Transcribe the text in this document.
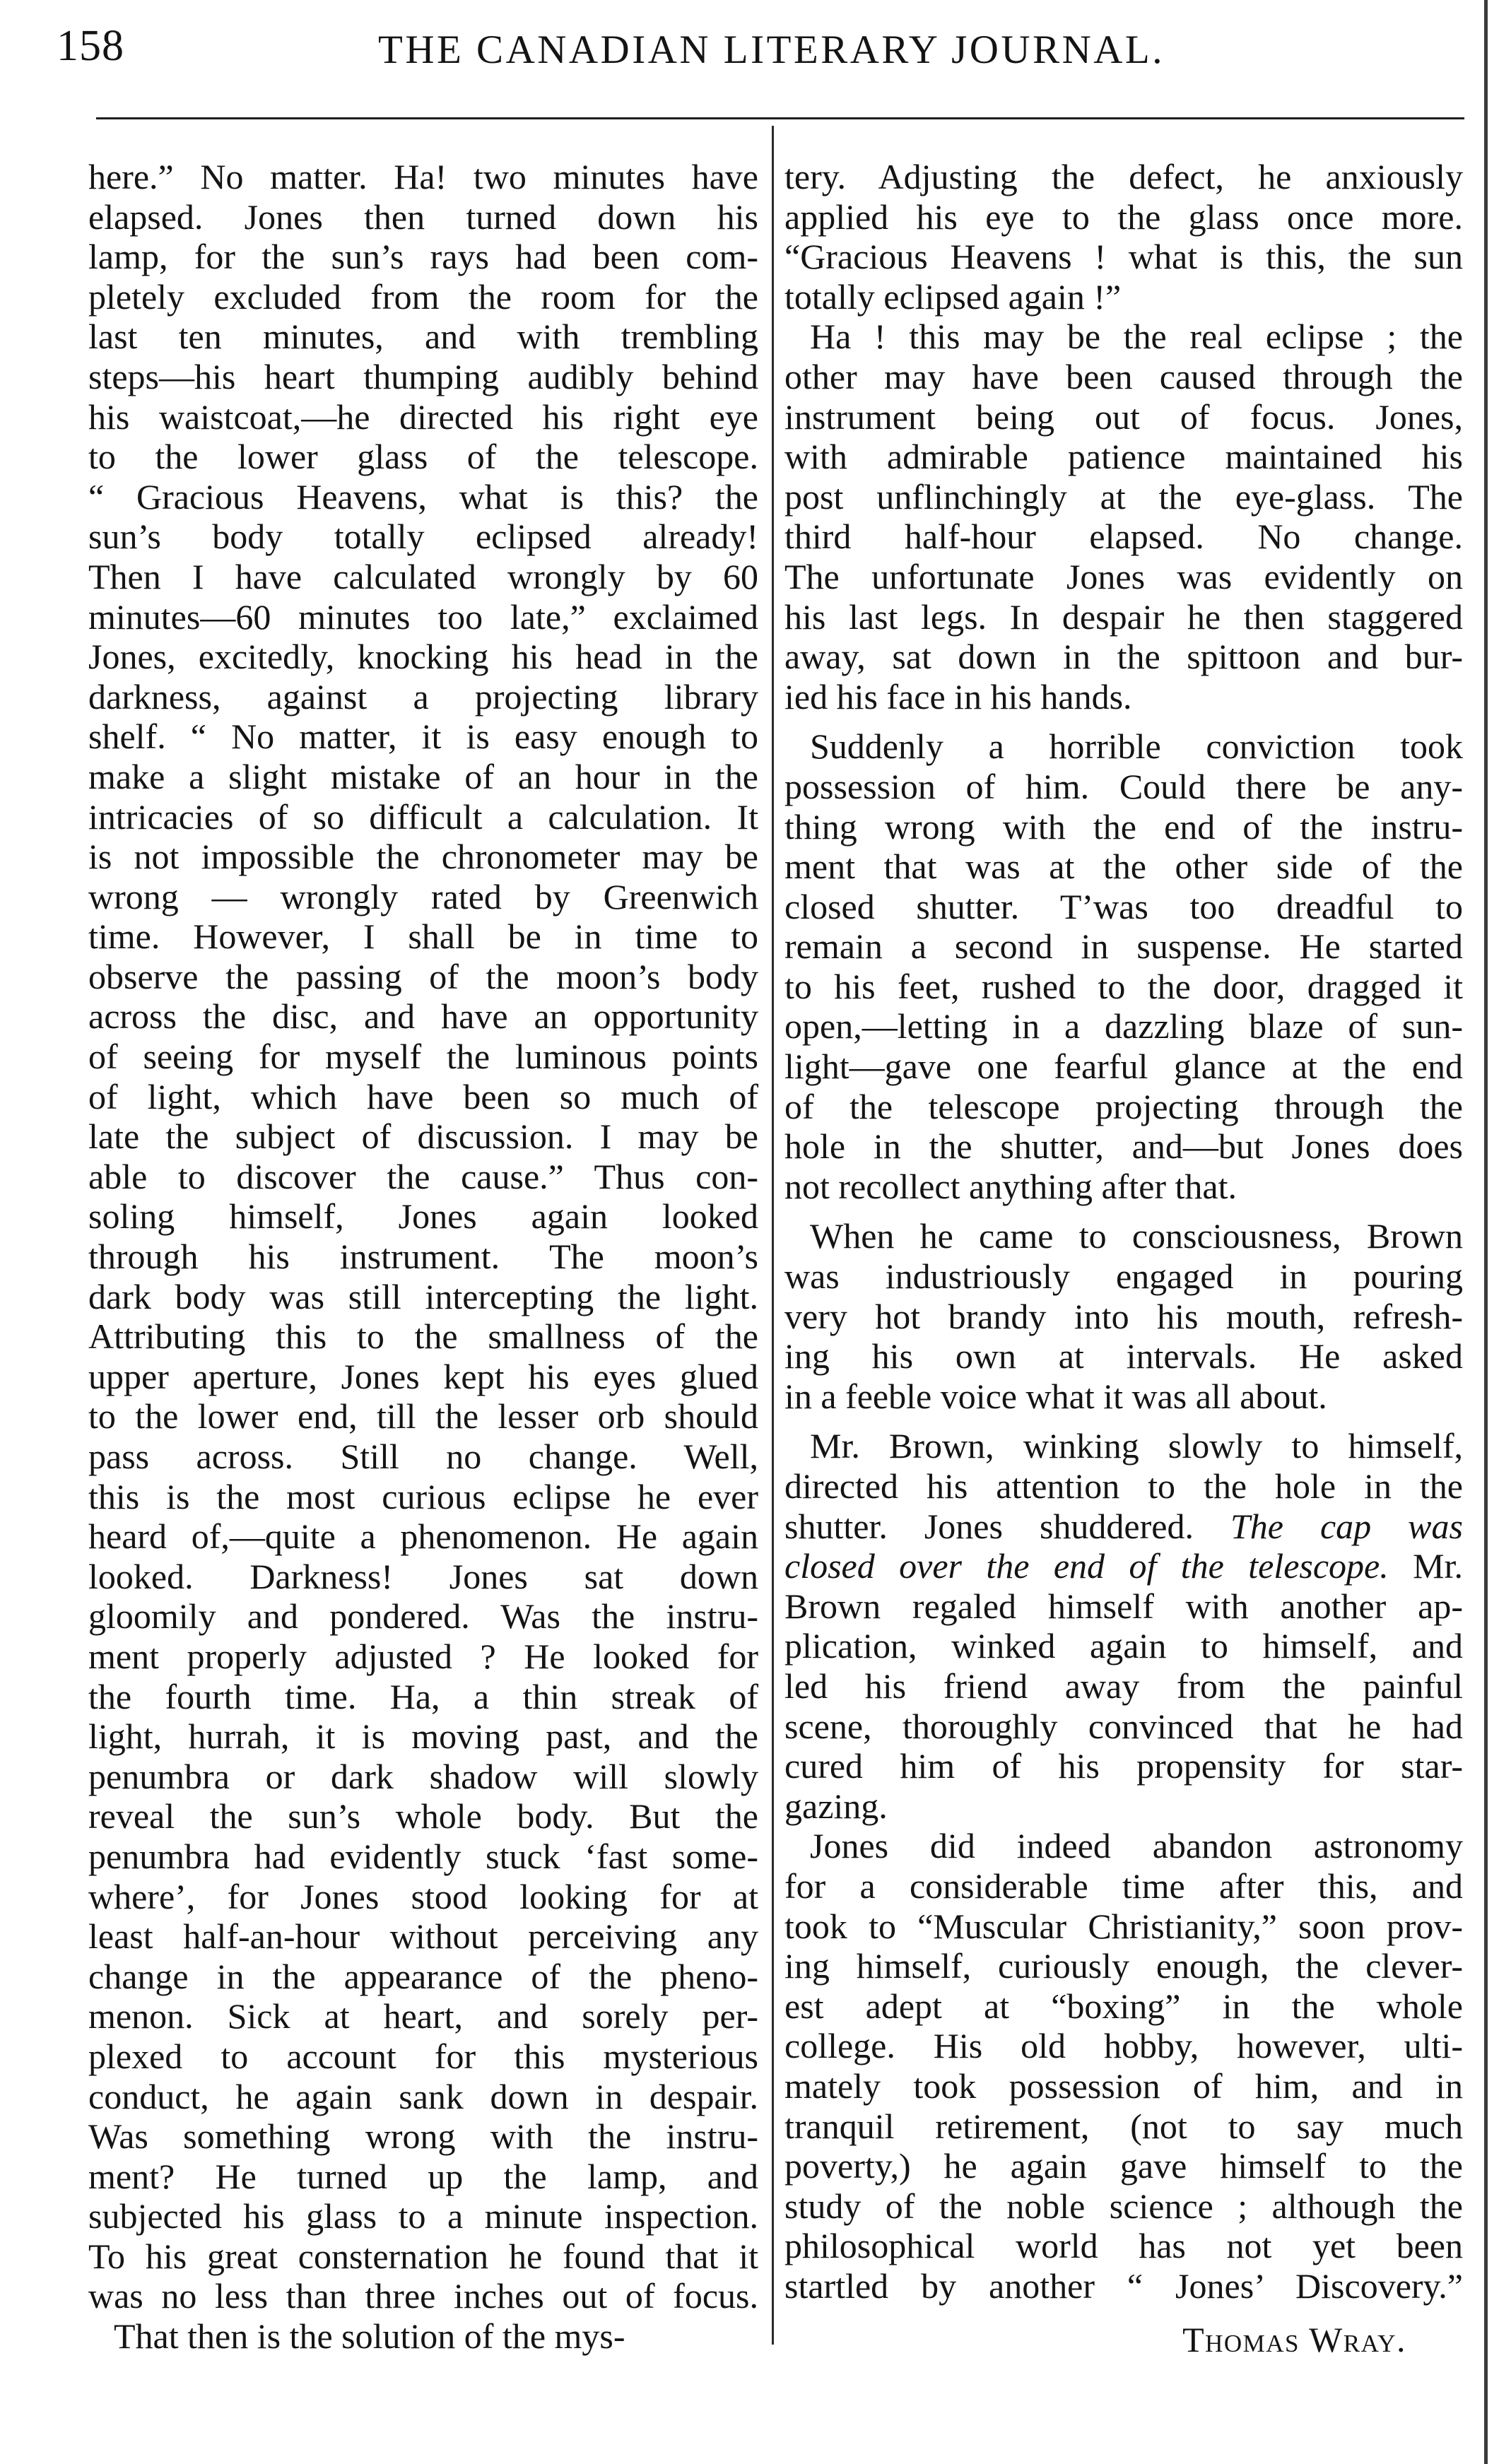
158	THE CANADIAN LITERARY JOURNAL.
here.” No matter. Ha! two minutes have
elapsed. Jones then turned down his
lamp, for the sun’s rays had been com-
pletely excluded from the room for the
last ten minutes, and with trembling
steps—his heart thumping audibly behind
his waistcoat,—he directed his right eye
to the lower glass of the telescope.
“ Gracious Heavens, what is this? the
sun’s body totally eclipsed already!
Then I have calculated wrongly by 60
minutes—60 minutes too late,” exclaimed
Jones, excitedly, knocking his head in the
darkness, against a projecting library
shelf. “ No matter, it is easy enough to
make a slight mistake of an hour in the
intricacies of so difficult a calculation. It
is not impossible the chronometer may be
wrong — wrongly rated by Greenwich
time. However, I shall be in time to
observe the passing of the moon’s body
across the disc, and have an opportunity
of seeing for myself the luminous points
of light, which have been so much of
late the subject of discussion. I may be
able to discover the cause.” Thus con-
soling himself, Jones again looked
through his instrument. The moon’s
dark body was still intercepting the light.
Attributing this to the smallness of the
upper aperture, Jones kept his eyes glued
to the lower end, till the lesser orb should
pass across. Still no change. Well,
this is the most curious eclipse he ever
heard of,—quite a phenomenon. He again
looked. Darkness! Jones sat down
gloomily and pondered. Was the instru-
ment properly adjusted ? He looked for
the fourth time. Ha, a thin streak of
light, hurrah, it is moving past, and the
penumbra or dark shadow will slowly
reveal the sun’s whole body. But the
penumbra had evidently stuck ‘fast some-
where’, for Jones stood looking for at
least half-an-hour without perceiving any
change in the appearance of the pheno-
menon. Sick at heart, and sorely per-
plexed to account for this mysterious
conduct, he again sank down in despair.
Was something wrong with the instru-
ment? He turned up the lamp, and
subjected his glass to a minute inspection.
To his great consternation he found that it
was no less than three inches out of focus.
That then is the solution of the mys-
tery. Adjusting the defect, he anxiously
applied his eye to the glass once more.
“Gracious Heavens ! what is this, the sun
totally eclipsed again !”
Ha ! this may be the real eclipse ; the
other may have been caused through the
instrument being out of focus. Jones,
with admirable patience maintained his
post unflinchingly at the eye-glass. The
third half-hour elapsed. No change.
The unfortunate Jones was evidently on
his last legs. In despair he then staggered
away, sat down in the spittoon and bur-
ied his face in his hands.
Suddenly a horrible conviction took
possession of him. Could there be any-
thing wrong with the end of the instru-
ment that was at the other side of the
closed shutter. T’was too dreadful to
remain a second in suspense. He started
to his feet, rushed to the door, dragged it
open,—letting in a dazzling blaze of sun-
light—gave one fearful glance at the end
of the telescope projecting through the
hole in the shutter, and—but Jones does
not recollect anything after that.
When he came to consciousness, Brown
was industriously engaged in pouring
very hot brandy into his mouth, refresh-
ing his own at intervals. He asked
in a feeble voice what it was all about.
Mr. Brown, winking slowly to himself,
directed his attention to the hole in the
shutter. Jones shuddered. The cap was
closed over the end of the telescope. Mr.
Brown regaled himself with another ap-
plication, winked again to himself, and
led his friend away from the painful
scene, thoroughly convinced that he had
cured him of his propensity for star-
gazing.
Jones did indeed abandon astronomy
for a considerable time after this, and
took to “Muscular Christianity,” soon prov-
ing himself, curiously enough, the clever-
est adept at “boxing” in the whole
college. His old hobby, however, ulti-
mately took possession of him, and in
tranquil retirement, (not to say much
poverty,) he again gave himself to the
study of the noble science ; although the
philosophical world has not yet been
startled by another “ Jones’ Discovery.”
Thomas Wray.
